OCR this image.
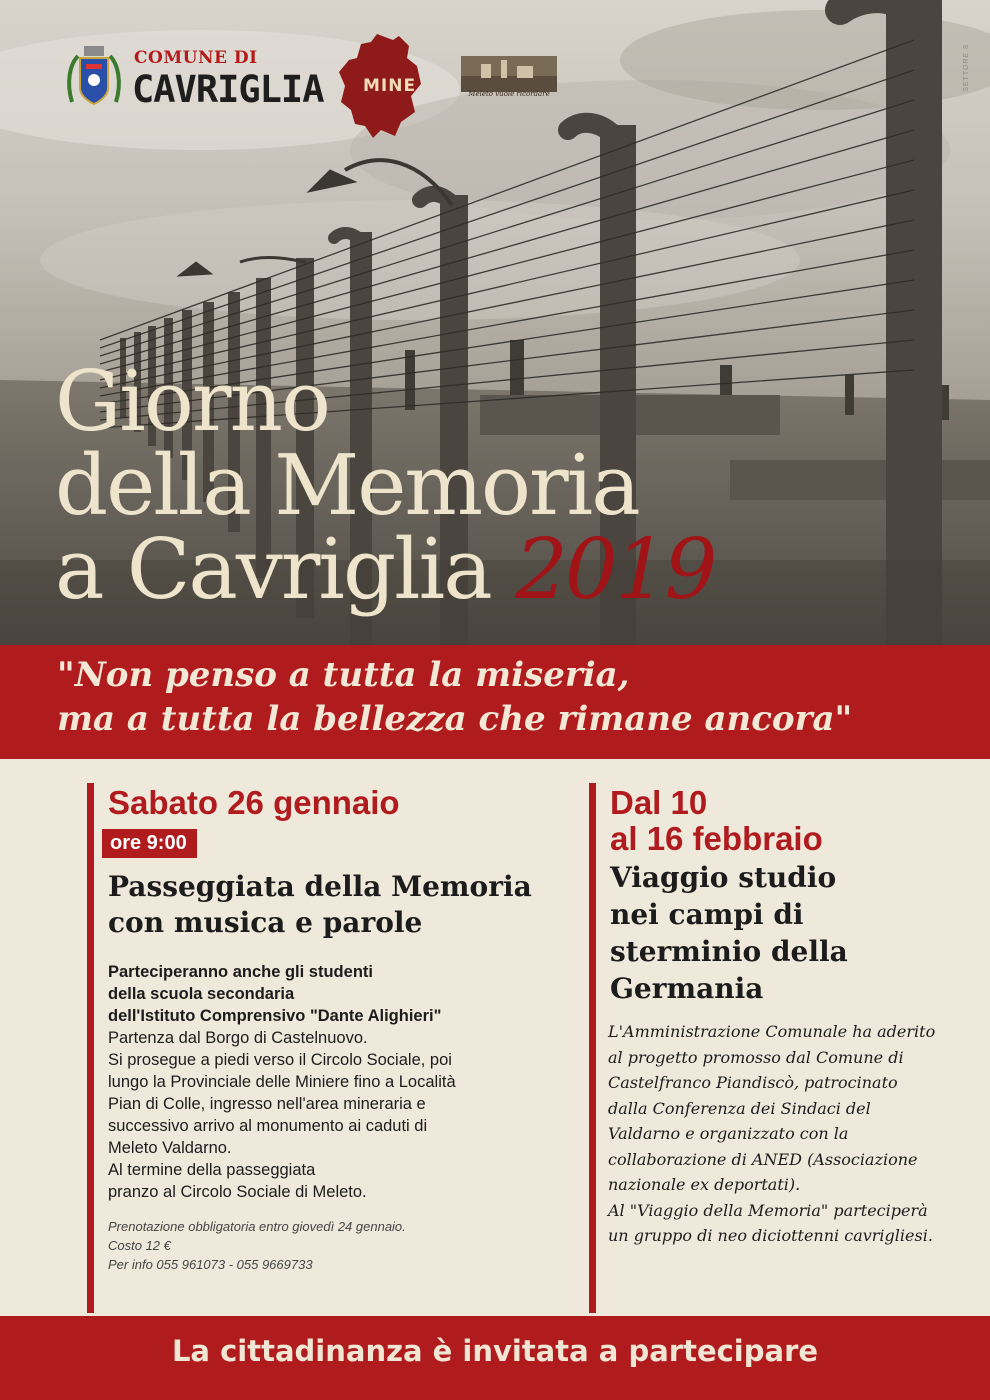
COMUNE DI
CAVRIGLIA MINE	Meleto vuole ricordare
SETTORE 8
Giorno
della Memoria
a Cavriglia 2019

"Non penso a tutta la miseria,
ma a tutta la bellezza che rimane ancora"

Sabato 26 gennaio
ore 9:00
Passeggiata della Memoria
con musica e parole
Parteciperanno anche gli studenti
della scuola secondaria
dell'Istituto Comprensivo "Dante Alighieri"
Partenza dal Borgo di Castelnuovo.
Si prosegue a piedi verso il Circolo Sociale, poi
lungo la Provinciale delle Miniere fino a Località
Pian di Colle, ingresso nell'area mineraria e
successivo arrivo al monumento ai caduti di
Meleto Valdarno.
Al termine della passeggiata
pranzo al Circolo Sociale di Meleto.
Prenotazione obbligatoria entro giovedì 24 gennaio.
Costo 12 €
Per info 055 961073 - 055 9669733
Dal 10
al 16 febbraio
Viaggio studio
nei campi di
sterminio della
Germania
L'Amministrazione Comunale ha aderito
al progetto promosso dal Comune di
Castelfranco Piandiscò, patrocinato
dalla Conferenza dei Sindaci del
Valdarno e organizzato con la
collaborazione di ANED (Associazione
nazionale ex deportati).
Al "Viaggio della Memoria" parteciperà
un gruppo di neo diciottenni cavrigliesi.

La cittadinanza è invitata a partecipare
